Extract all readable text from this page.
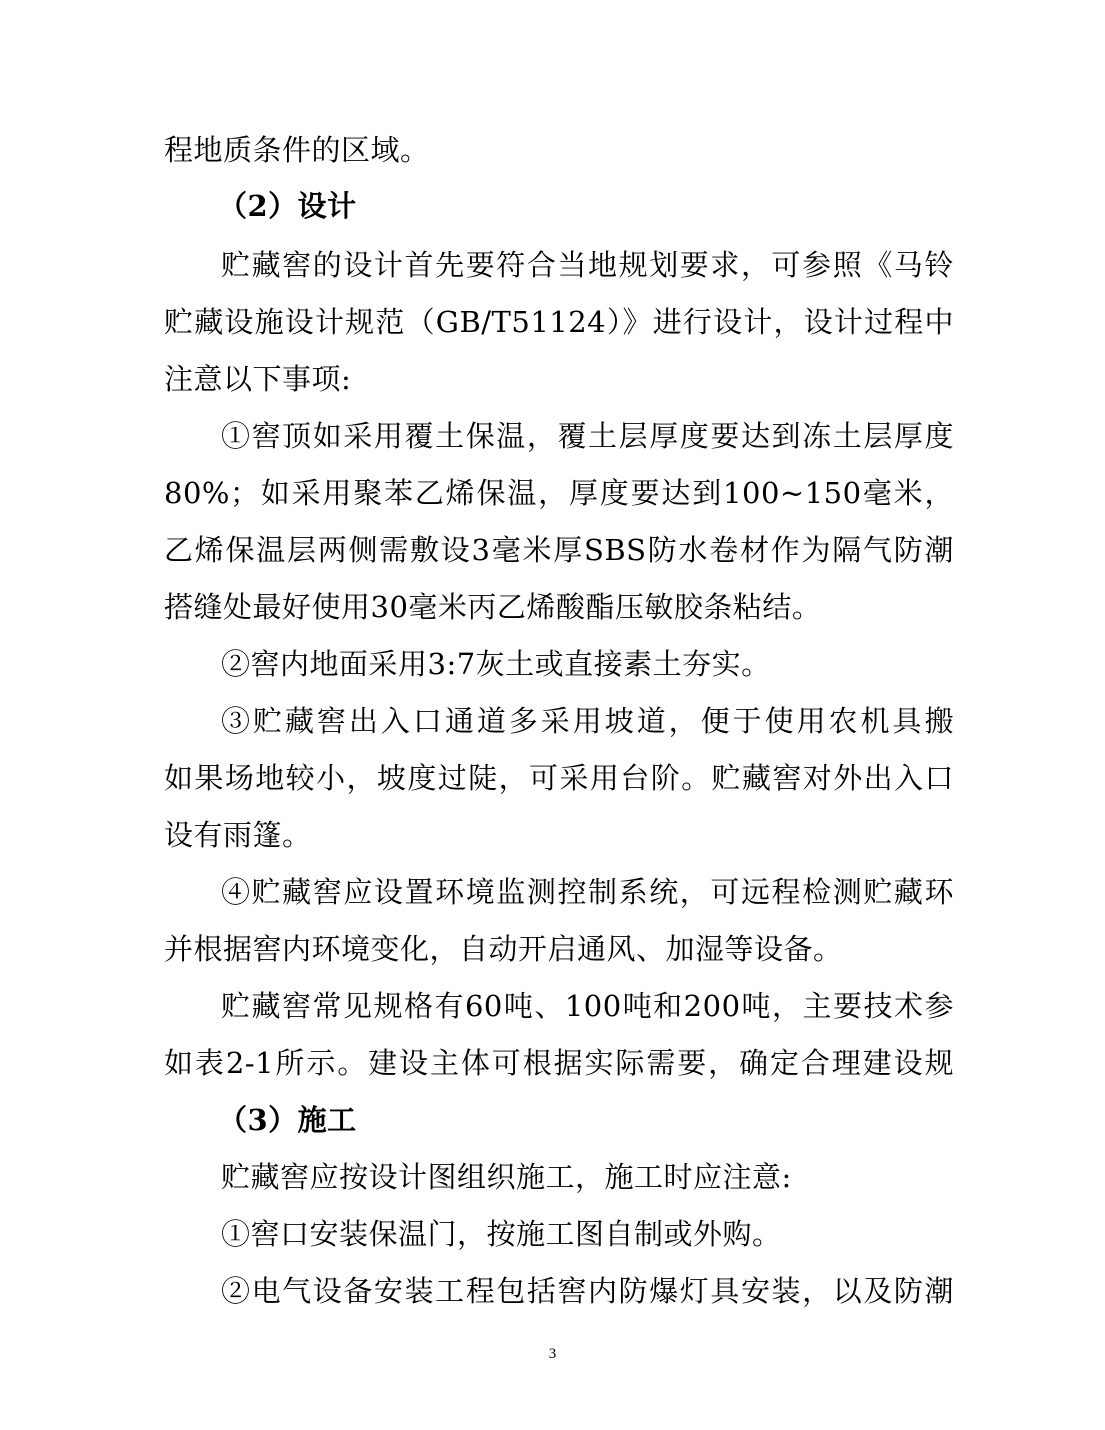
程地质条件的区域。
（2）设计
贮藏窖的设计首先要符合当地规划要求，可参照《马铃
贮藏设施设计规范（GB/T51124）》进行设计，设计过程中
注意以下事项:
①窖顶如采用覆土保温，覆土层厚度要达到冻土层厚度
80%；如采用聚苯乙烯保温，厚度要达到100~150毫米，
乙烯保温层两侧需敷设3毫米厚SBS防水卷材作为隔气防潮
搭缝处最好使用30毫米丙乙烯酸酯压敏胶条粘结。
②窖内地面采用3:7灰土或直接素土夯实。
③贮藏窖出入口通道多采用坡道，便于使用农机具搬
如果场地较小，坡度过陡，可采用台阶。贮藏窖对外出入口
设有雨篷。
④贮藏窖应设置环境监测控制系统，可远程检测贮藏环
并根据窖内环境变化，自动开启通风、加湿等设备。
贮藏窖常见规格有60吨、100吨和200吨，主要技术参
如表2-1所示。建设主体可根据实际需要，确定合理建设规
（3）施工
贮藏窖应按设计图组织施工，施工时应注意:
①窖口安装保温门，按施工图自制或外购。
②电气设备安装工程包括窖内防爆灯具安装，以及防潮
3
